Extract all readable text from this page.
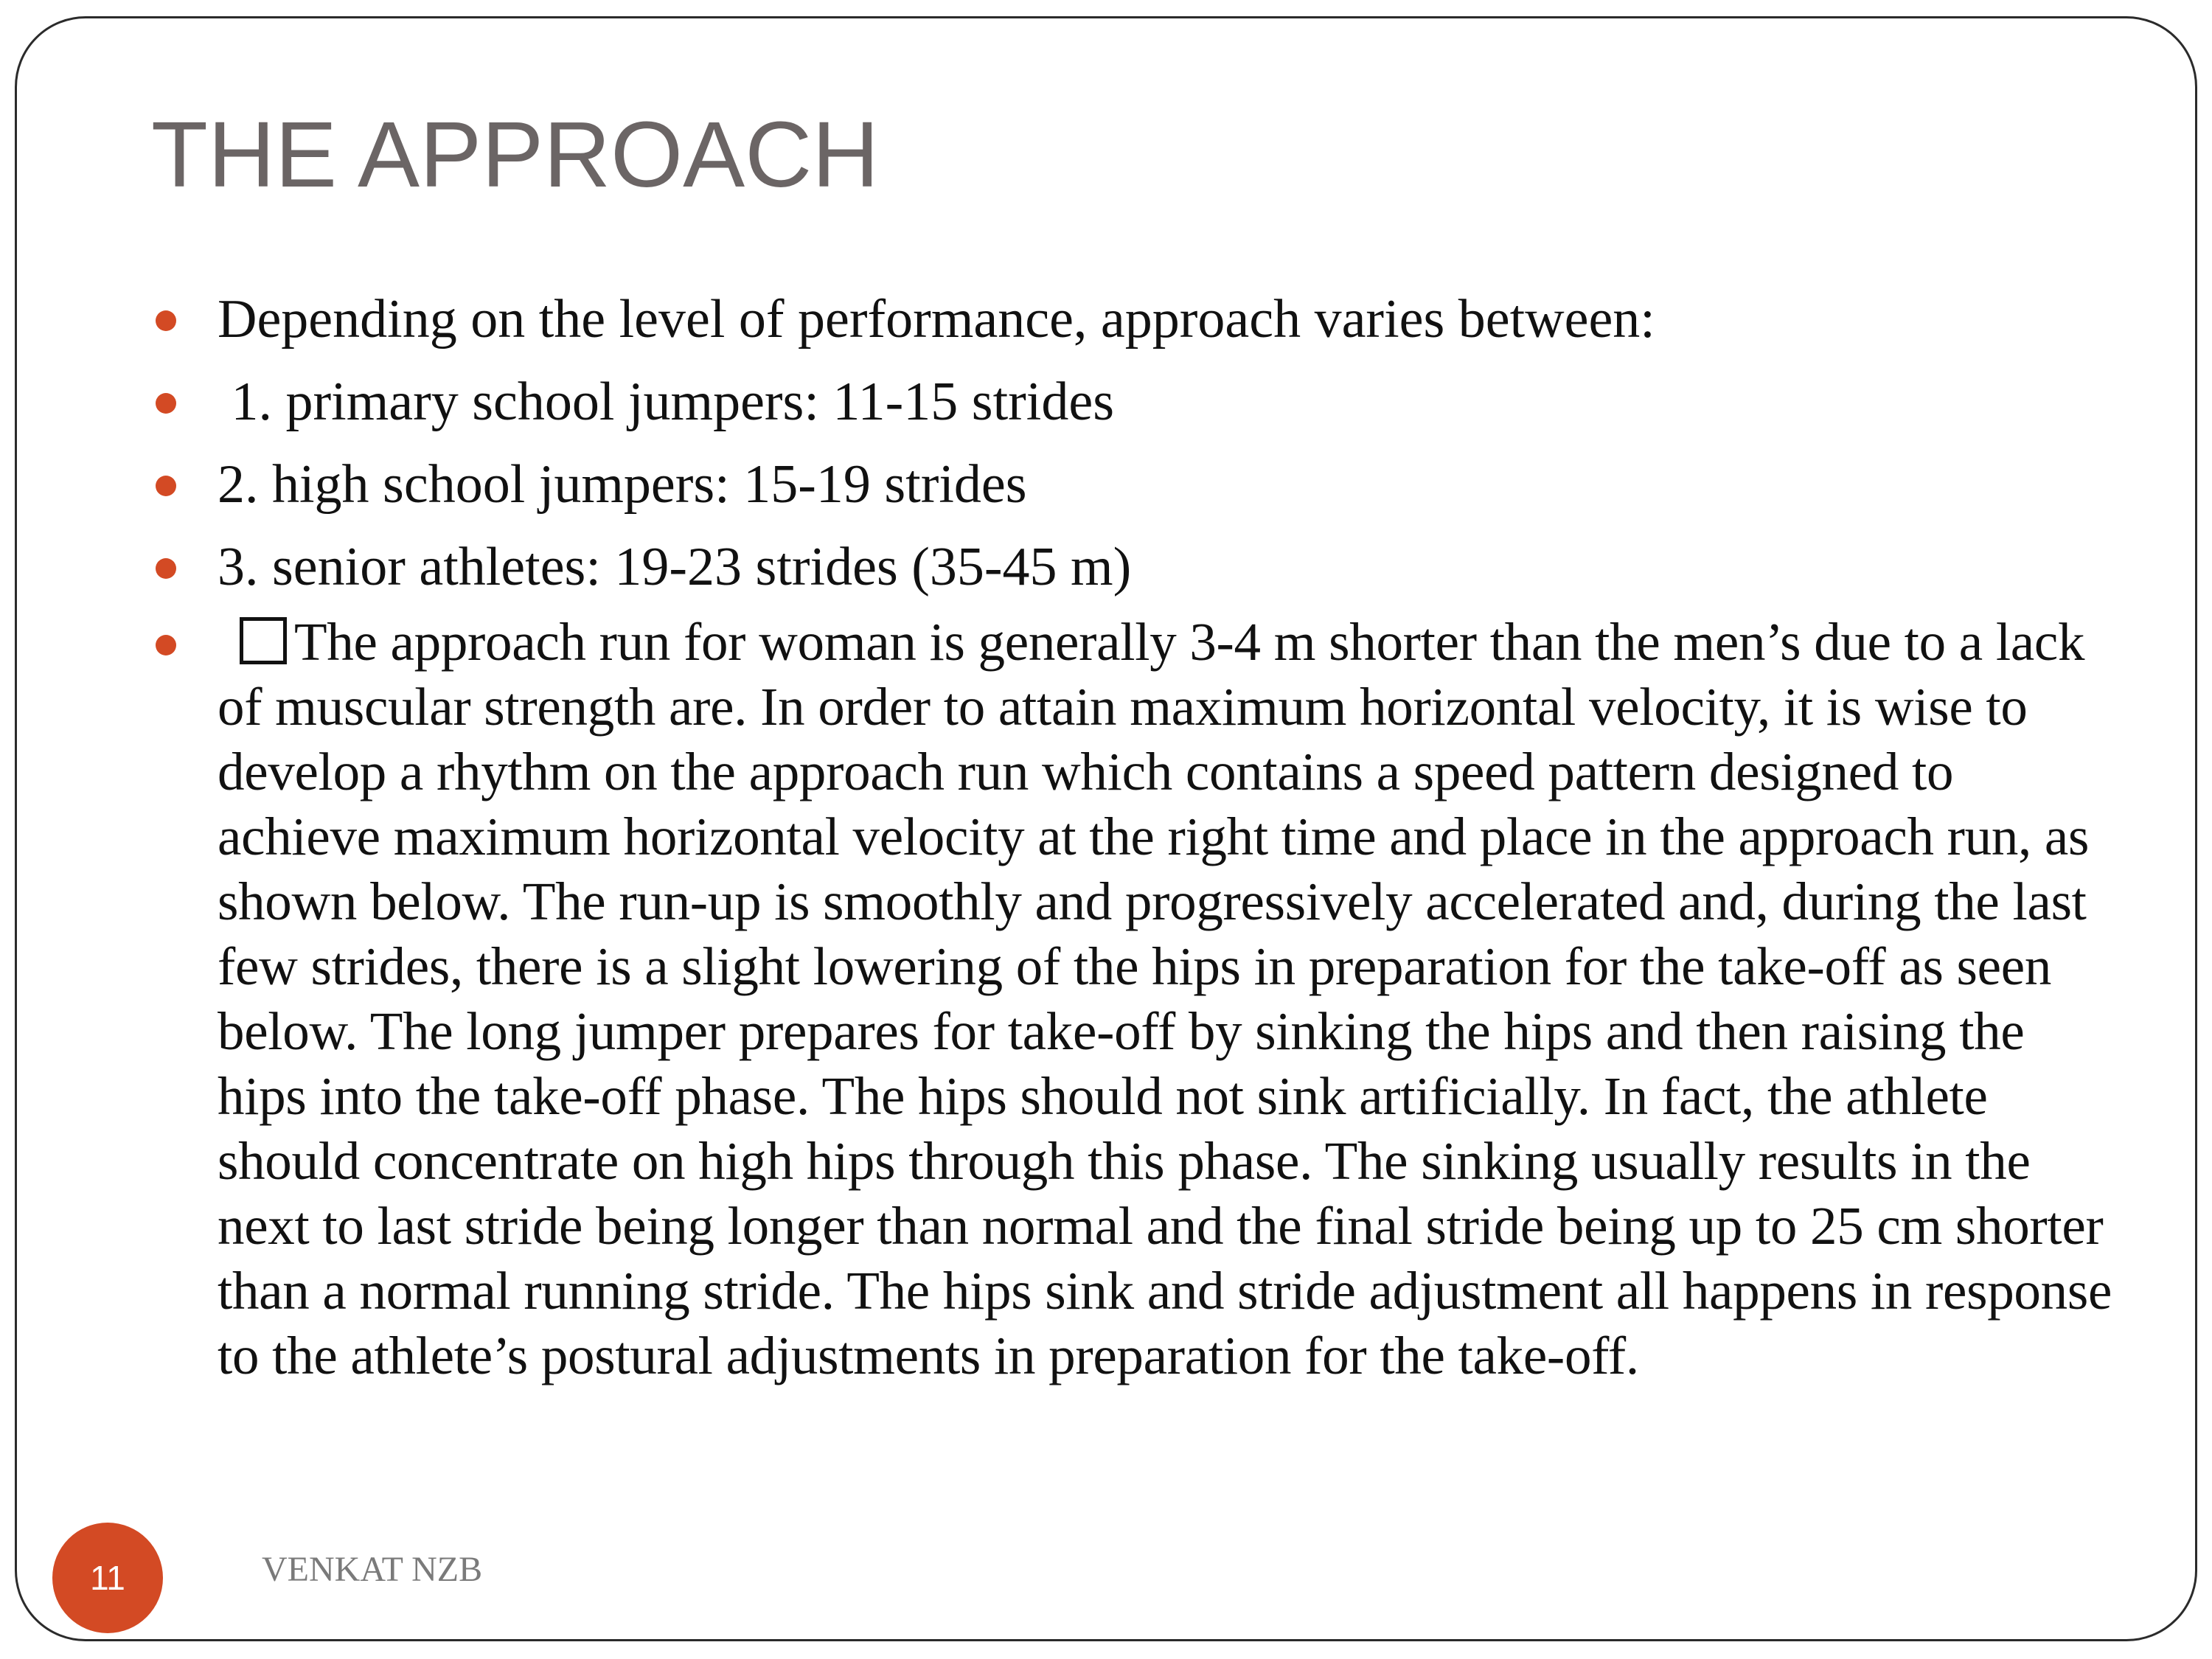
THE APPROACH
Depending on the level of performance, approach varies between:
1. primary school jumpers: 11-15 strides
2. high school jumpers: 15-19 strides
3. senior athletes: 19-23 strides (35-45 m)
The approach run for woman is generally 3-4 m shorter than the men’s due to a lack of muscular strength are. In order to attain maximum horizontal velocity, it is wise to develop a rhythm on the approach run which contains a speed pattern designed to achieve maximum horizontal velocity at the right time and place in the approach run, as shown below. The run-up is smoothly and progressively accelerated and, during the last few strides, there is a slight lowering of the hips in preparation for the take-off as seen below. The long jumper prepares for take-off by sinking the hips and then raising the hips into the take-off phase. The hips should not sink artificially. In fact, the athlete should concentrate on high hips through this phase. The sinking usually results in the next to last stride being longer than normal and the final stride being up to 25 cm shorter than a normal running stride. The hips sink and stride adjustment all happens in response to the athlete’s postural adjustments in preparation for the take-off.
11	VENKAT NZB
